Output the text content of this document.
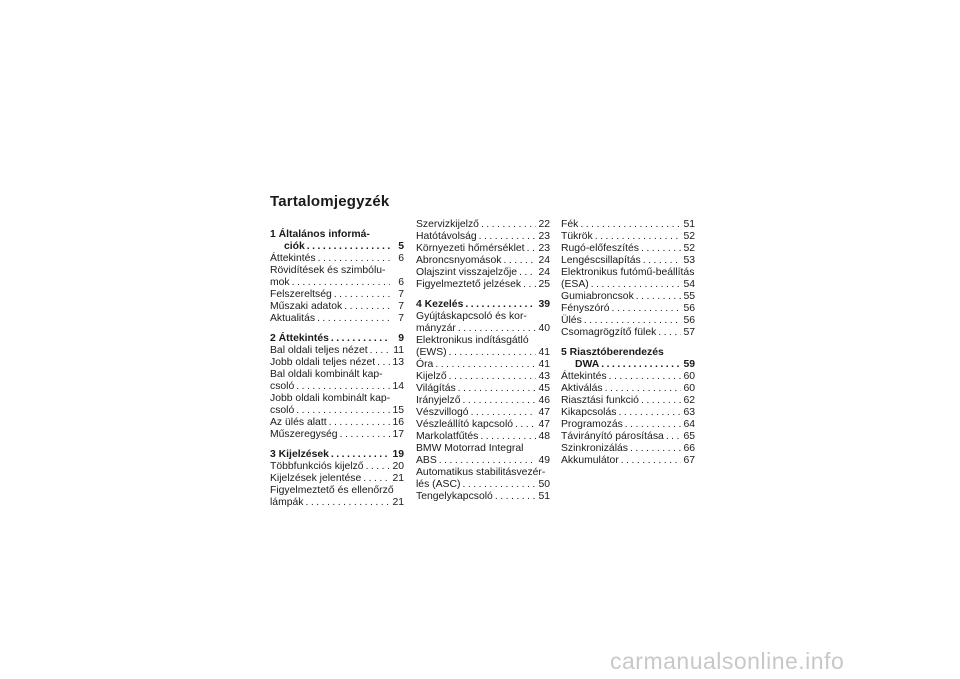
Tartalomjegyzék
1 Általános informá-
ciók . . .	5
Áttekintés . . .	6
Rövidítések és szimbólu-
mok . . .	6
Felszereltség . . .	7
Műszaki adatok . . .	7
Aktualitás . . .	7
2 Áttekintés . . .	9
Bal oldali teljes nézet . . . 11
Jobb oldali teljes nézet . . . 13
Bal oldali kombinált kap-
csoló . . .	14
Jobb oldali kombinált kap-
csoló . . .	15
Az ülés alatt . . .	16
Műszeregység . . .	17
3 Kijelzések . . .	19
Többfunkciós kijelző . . .	20
Kijelzések jelentése . . .	21
Figyelmeztető és ellenőrző
lámpák . . .	21
Szervizkijelző . . .	22
Hatótávolság . . .	23
Környezeti hőmérséklet . . . 23
Abroncsnyomások . . .	24
Olajszint visszajelzője . . . 24
Figyelmeztető jelzések . . . 25
4 Kezelés . . .	39
Gyújtáskapcsoló és kor-
mányzár . . .	40
Elektronikus indításgátló
(EWS) . . .	41
Óra . . .	41
Kijelző . . .	43
Világítás . . .	45
Irányjelző . . .	46
Vészvillogó . . .	47
Vészleállító kapcsoló . . . 47
Markolatfűtés . . .	48
BMW Motorrad Integral
ABS . . .	49
Automatikus stabilitásvezér-
lés (ASC) . . .	50
Tengelykapcsoló . . .	51
Fék . . .	51
Tükrök . . .	52
Rugó-előfeszítés . . .	52
Lengéscsillapítás . . .	53
Elektronikus futómű-beállítás
(ESA) . . .	54
Gumiabroncsok . . .	55
Fényszóró . . .	56
Ülés . . .	56
Csomagrögzítő fülek . . .	57
5 Riasztóberendezés
DWA . . .	59
Áttekintés . . .	60
Aktiválás . . .	60
Riasztási funkció . . .	62
Kikapcsolás . . .	63
Programozás . . .	64
Távirányító párosítása . . . 65
Szinkronizálás . . .	66
Akkumulátor . . .	67
carmanualsonline.info
